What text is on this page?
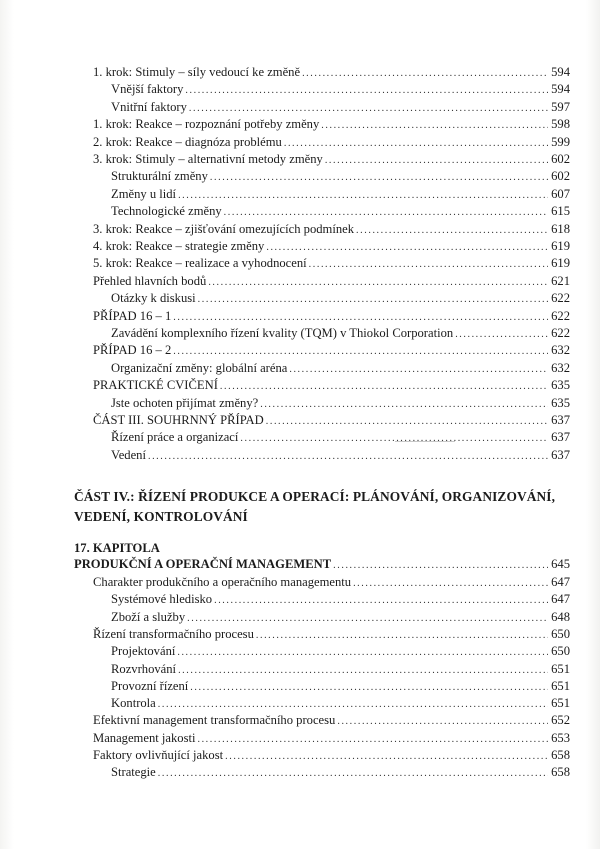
1. krok: Stimuly – síly vedoucí ke změně .....	594
Vnější faktory .....	594
Vnitřní faktory .....	597
1. krok: Reakce – rozpoznání potřeby změny .....	598
2. krok: Reakce – diagnóza problému .....	599
3. krok: Stimuly – alternativní metody změny .....	602
Strukturální změny .....	602
Změny u lidí .....	607
Technologické změny .....	615
3. krok: Reakce – zjišťování omezujících podmínek .....	618
4. krok: Reakce – strategie změny .....	619
5. krok: Reakce – realizace a vyhodnocení .....	619
Přehled hlavních bodů .....	621
Otázky k diskusi .....	622
PŘÍPAD 16 – 1 .....	622
Zavádění komplexního řízení kvality (TQM) v Thiokol Corporation .....	622
PŘÍPAD 16 – 2 .....	632
Organizační změny: globální aréna .....	632
PRAKTICKÉ CVIČENÍ .....	635
Jste ochoten přijímat změny? .....	635
ČÁST III. SOUHRNNÝ PŘÍPAD .....	637
Řízení práce a organizací .....	637
Vedení .....	637
ČÁST IV.: ŘÍZENÍ PRODUKCE A OPERACÍ: PLÁNOVÁNÍ, ORGANIZOVÁNÍ,
VEDENÍ, KONTROLOVÁNÍ
17. KAPITOLA
PRODUKČNÍ A OPERAČNÍ MANAGEMENT .....	645
Charakter produkčního a operačního managementu .....	647
Systémové hledisko .....	647
Zboží a služby .....	648
Řízení transformačního procesu .....	650
Projektování .....	650
Rozvrhování .....	651
Provozní řízení .....	651
Kontrola .....	651
Efektivní management transformačního procesu .....	652
Management jakosti .....	653
Faktory ovlivňující jakost .....	658
Strategie .....	658
